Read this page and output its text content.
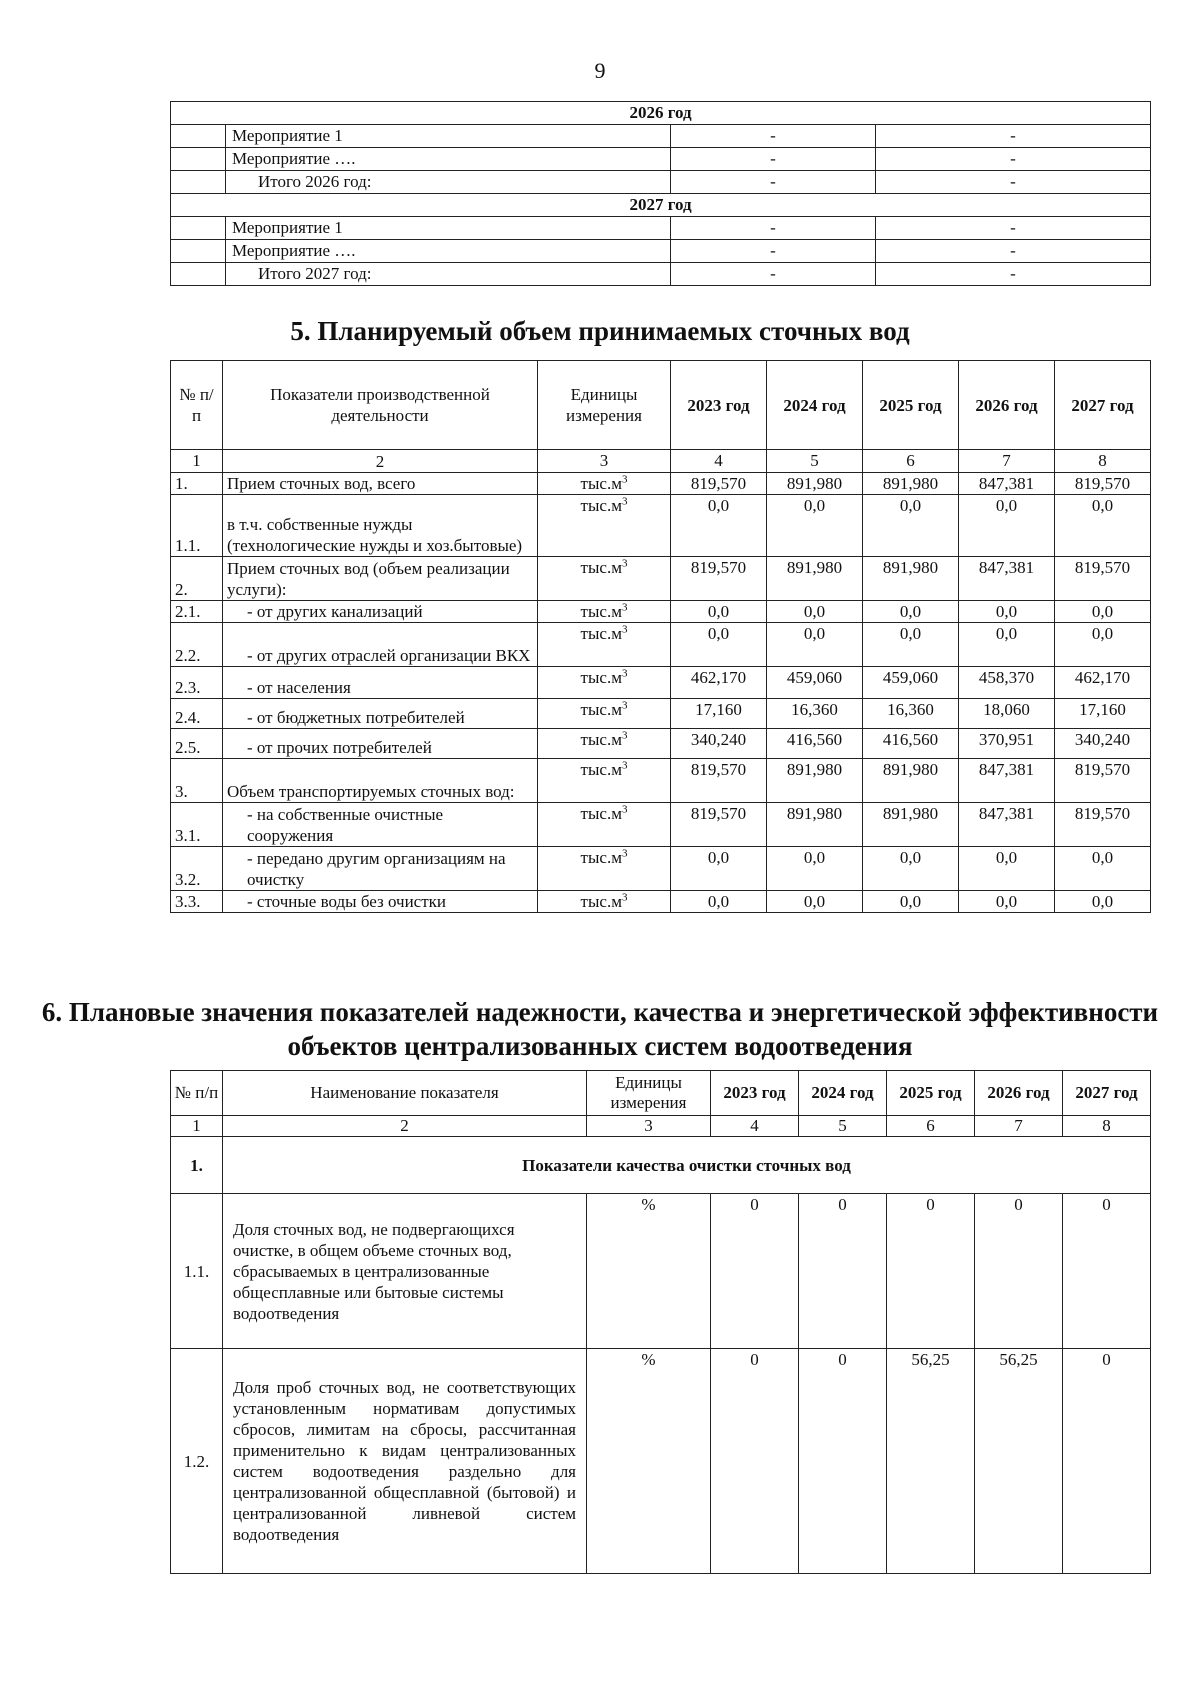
9
2026 год			
	Мероприятие 1	-	-
	Мероприятие ….	-	-
	Итого 2026 год:	-	-
2027 год			
	Мероприятие 1	-	-
	Мероприятие ….	-	-
	Итого 2027 год:	-	-
5. Планируемый объем принимаемых сточных вод
№ п/п	Показатели производственной деятельности	Единицы измерения	2023 год	2024 год	2025 год	2026 год	2027 год
1	2	3	4	5	6	7	8
1.	Прием сточных вод, всего	$тыс.м^3$	819,570	891,980	891,980	847,381	819,570
1.1.	в т.ч. собственные нужды (технологические нужды и хоз.бытовые)	$тыс.м^3$	0,0	0,0	0,0	0,0	0,0
2.	Прием сточных вод (объем реализации услуги):	$тыс.м^3$	819,570	891,980	891,980	847,381	819,570
2.1.	- от других канализаций	$тыс.м^3$	0,0	0,0	0,0	0,0	0,0
2.2.	- от других отраслей организации ВКХ	$тыс.м^3$	0,0	0,0	0,0	0,0	0,0
2.3.	- от населения	$тыс.м^3$	462,170	459,060	459,060	458,370	462,170
2.4.	- от бюджетных потребителей	$тыс.м^3$	17,160	16,360	16,360	18,060	17,160
2.5.	- от прочих потребителей	$тыс.м^3$	340,240	416,560	416,560	370,951	340,240
3.	Объем транспортируемых сточных вод:	$тыс.м^3$	819,570	891,980	891,980	847,381	819,570
3.1.	- на собственные очистные сооружения	$тыс.м^3$	819,570	891,980	891,980	847,381	819,570
3.2.	- передано другим организациям на очистку	$тыс.м^3$	0,0	0,0	0,0	0,0	0,0
3.3.	- сточные воды без очистки	$тыс.м^3$	0,0	0,0	0,0	0,0	0,0
6. Плановые значения показателей надежности, качества и энергетической эффективности объектов централизованных систем водоотведения
№ п/п	Наименование показателя	Единицы измерения	2023 год	2024 год	2025 год	2026 год	2027 год
1	2	3	4	5	6	7	8
1.	Показатели качества очистки сточных вод						
1.1.	Доля сточных вод, не подвергающихся очистке, в общем объеме сточных вод, сбрасываемых в централизованные общесплавные или бытовые системы водоотведения	%	0	0	0	0	0
1.2.	Доля проб сточных вод, не соответствующих установленным нормативам допустимых сбросов, лимитам на сбросы, рассчитанная применительно к видам централизованных систем водоотведения раздельно для централизованной общесплавной (бытовой) и централизованной ливневой систем водоотведения	%	0	0	56,25	56,25	0
